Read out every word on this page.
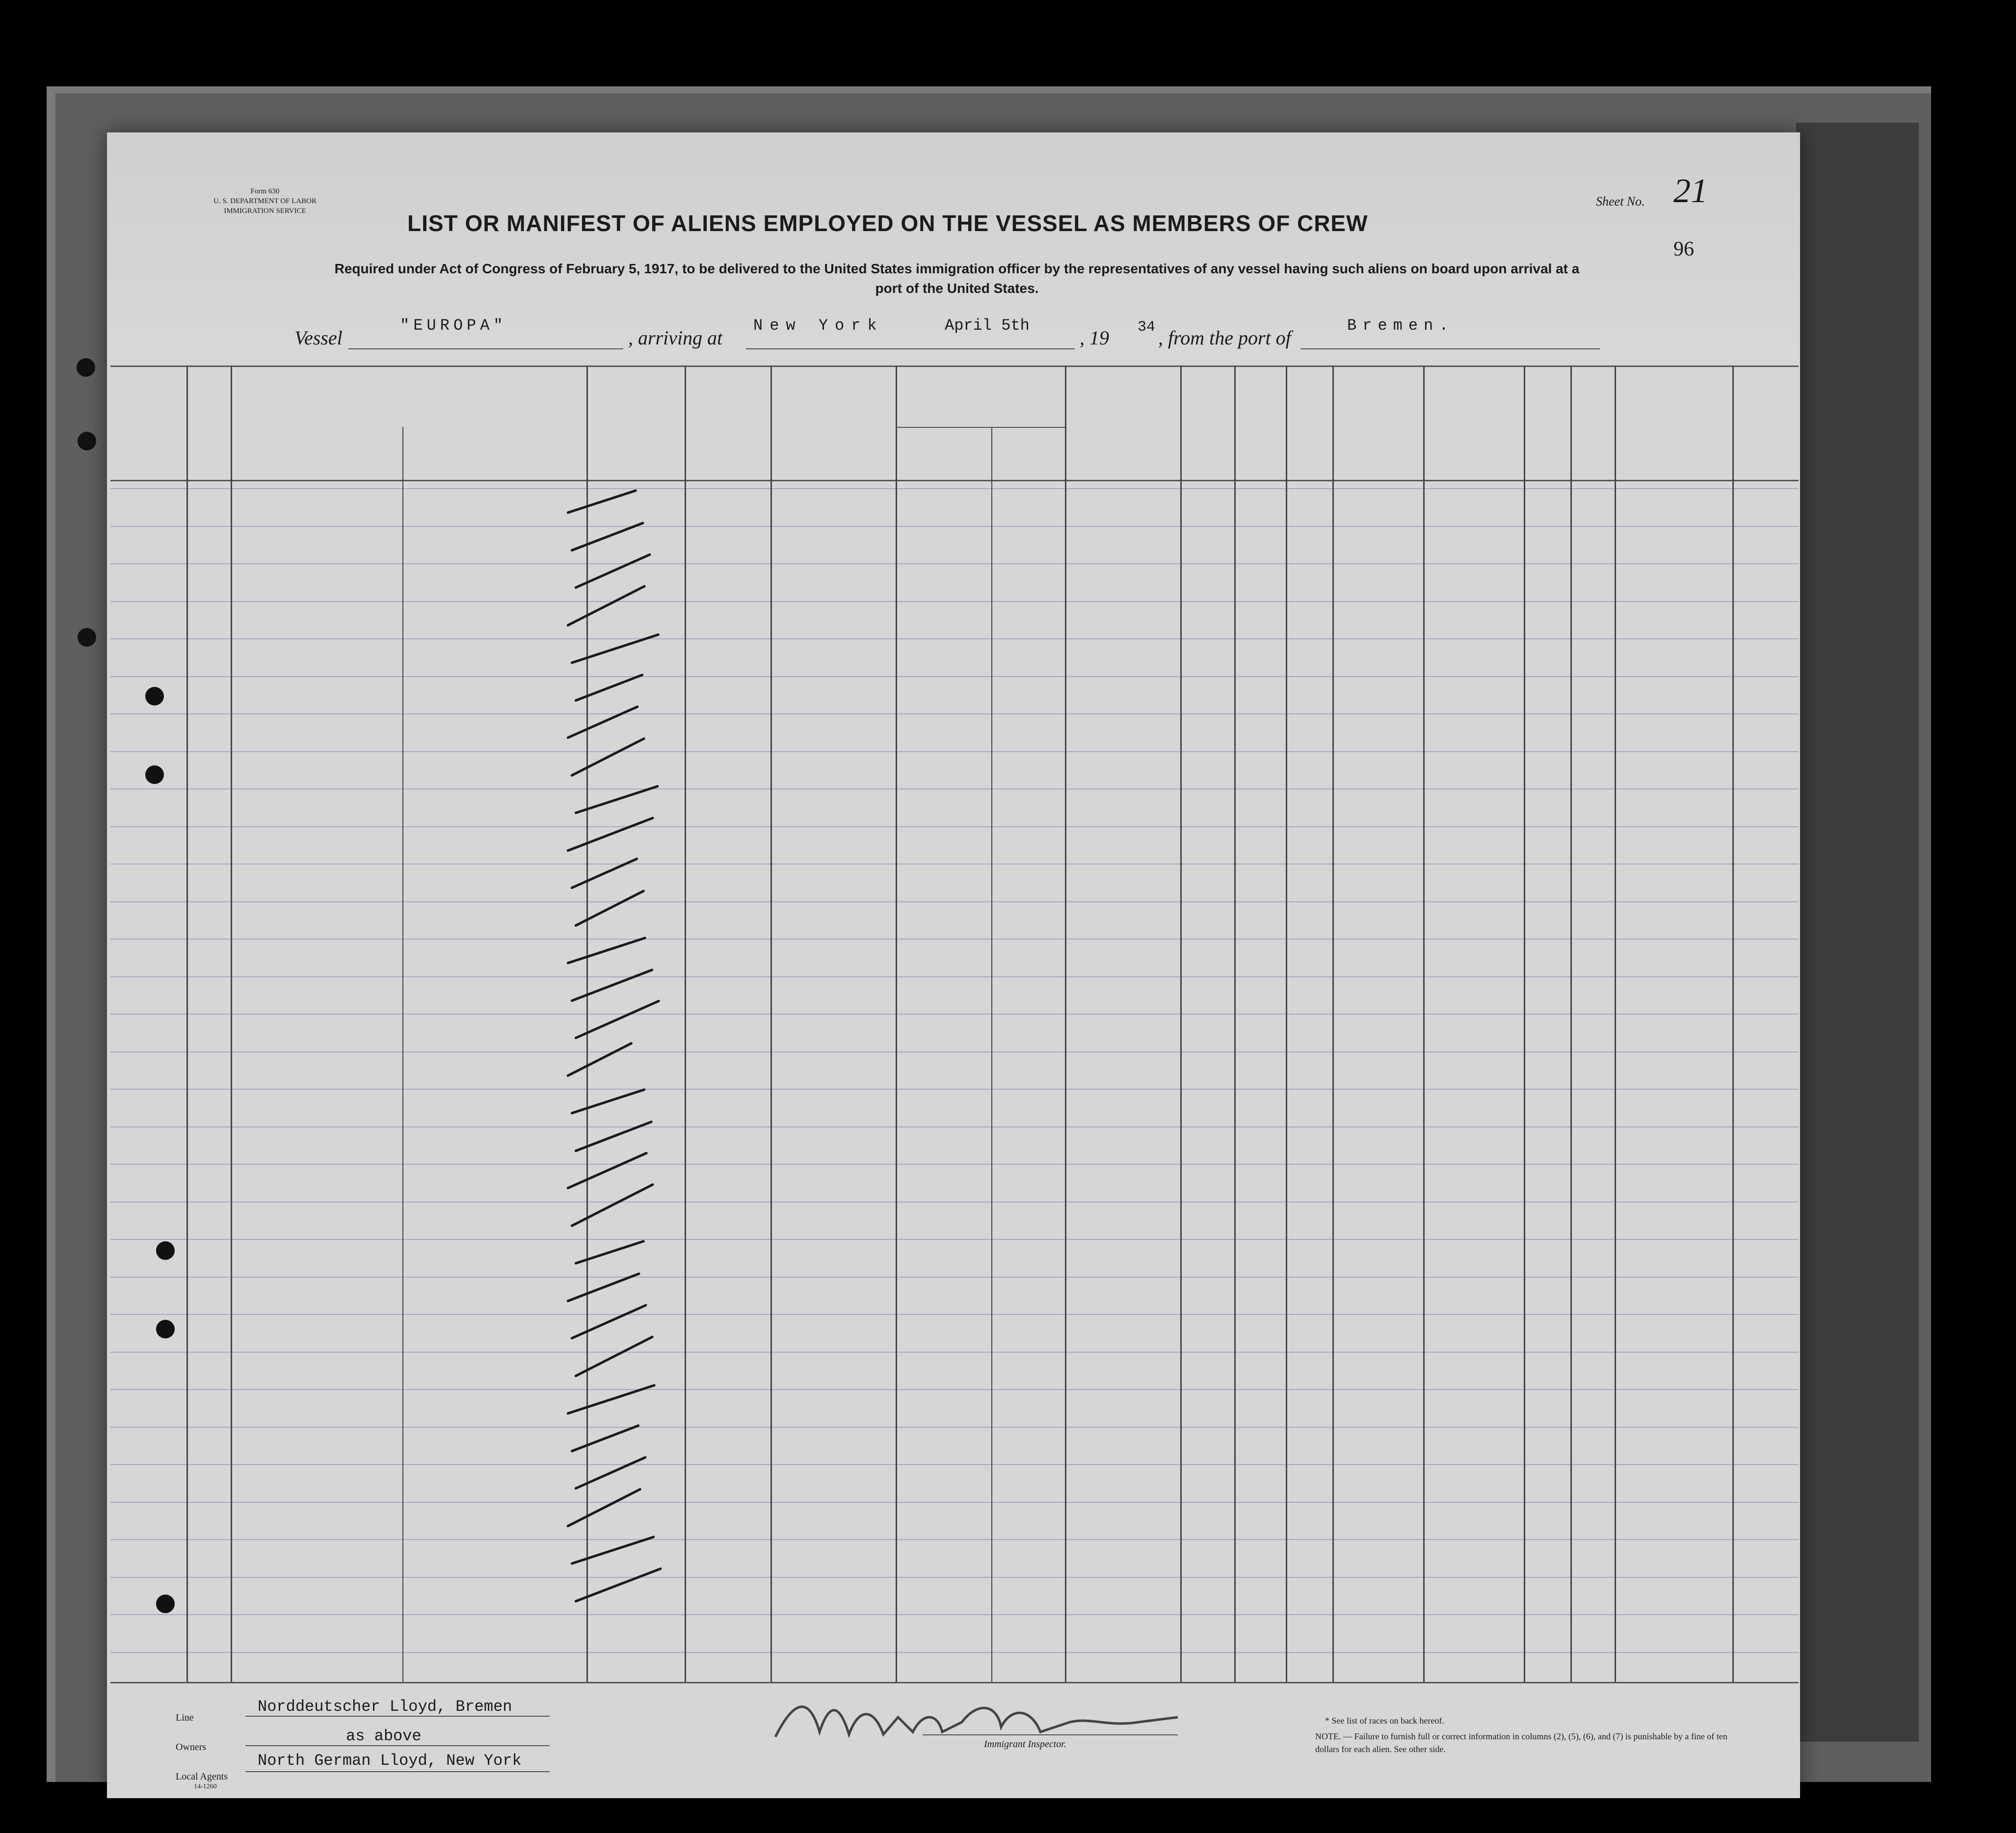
Form 630
U. S. DEPARTMENT OF LABOR
IMMIGRATION SERVICE	LIST OR MANIFEST OF ALIENS EMPLOYED ON THE VESSEL AS MEMBERS OF CREW
Required under Act of Congress of February 5, 1917, to be delivered to the United States immigration officer by the representatives of any vessel having such aliens on board upon arrival at a port of the United States.
Sheet No. 21
96
Vessel
"EUROPA"
, arriving at
New York	April 5th
, 19 34 , from the port of
Bremen.
Line
Norddeutscher Lloyd, Bremen
Owners
as above
Local Agents
North German Lloyd, New York
14-1260
Immigrant Inspector.
* See list of races on back hereof.
NOTE. — Failure to furnish full or correct information in columns (2), (5), (6), and (7) is punishable by a fine of ten dollars for each alien. See other side.
